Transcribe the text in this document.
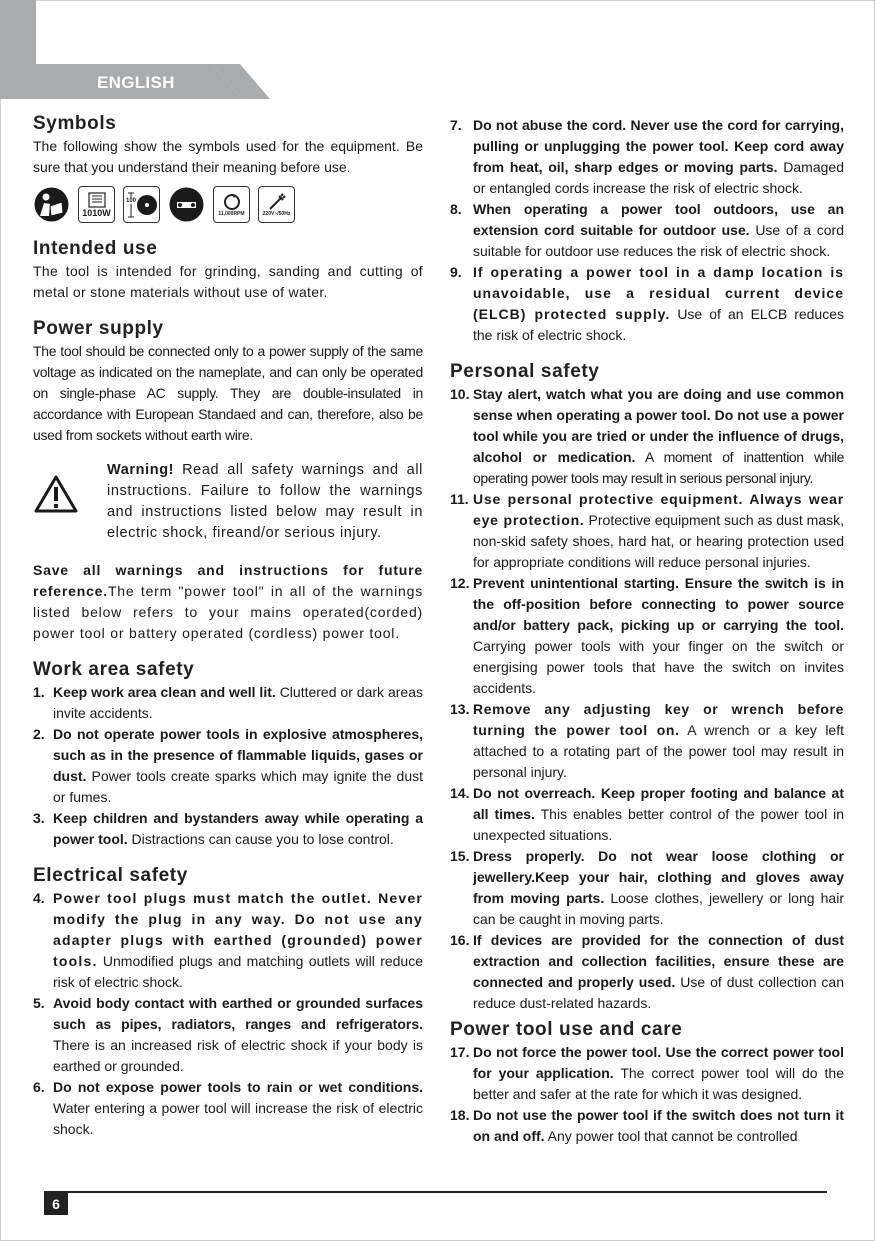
ENGLISH
Symbols

The following show the symbols used for the equipment. Be sure that you understand their meaning before use.

1010W
100
11,000RPM	220V~/50Hz
Intended use

The tool is intended for grinding, sanding and cutting of metal or stone materials without use of water.

Power supply

The tool should be connected only to a power supply of the same voltage as indicated on the nameplate, and can only be operated on single-phase AC supply. They are double-insulated in accordance with European Standaed and can, therefore, also be used from sockets without earth wire.

Warning! Read all safety warnings and all instructions. Failure to follow the warnings and instructions listed below may result in electric shock, fireand/or serious injury.

Save all warnings and instructions for future reference.The term "power tool" in all of the warnings listed below refers to your mains operated(corded) power tool or battery operated (cordless) power tool.

Work area safety
1. Keep work area clean and well lit. Cluttered or dark areas invite accidents.
2. Do not operate power tools in explosive atmospheres, such as in the presence of flammable liquids, gases or dust. Power tools create sparks which may ignite the dust or fumes.
3. Keep children and bystanders away while operating a power tool. Distractions can cause you to lose control.
Electrical safety
4. Power tool plugs must match the outlet. Never modify the plug in any way. Do not use any adapter plugs with earthed (grounded) power tools. Unmodified plugs and matching outlets will reduce risk of electric shock.
5. Avoid body contact with earthed or grounded surfaces such as pipes, radiators, ranges and refrigerators. There is an increased risk of electric shock if your body is earthed or grounded.
6. Do not expose power tools to rain or wet conditions. Water entering a power tool will increase the risk of electric shock.
7. Do not abuse the cord. Never use the cord for carrying, pulling or unplugging the power tool. Keep cord away from heat, oil, sharp edges or moving parts. Damaged or entangled cords increase the risk of electric shock.
8. When operating a power tool outdoors, use an extension cord suitable for outdoor use. Use of a cord suitable for outdoor use reduces the risk of electric shock.
9. If operating a power tool in a damp location is unavoidable, use a residual current device (ELCB) protected supply. Use of an ELCB reduces the risk of electric shock.
Personal safety
10. Stay alert, watch what you are doing and use common sense when operating a power tool. Do not use a power tool while you are tried or under the influence of drugs, alcohol or medication. A moment of inattention while operating power tools may result in serious personal injury.
11. Use personal protective equipment. Always wear eye protection. Protective equipment such as dust mask, non-skid safety shoes, hard hat, or hearing protection used for appropriate conditions will reduce personal injuries.
12. Prevent unintentional starting. Ensure the switch is in the off-position before connecting to power source and/or battery pack, picking up or carrying the tool. Carrying power tools with your finger on the switch or energising power tools that have the switch on invites accidents.
13. Remove any adjusting key or wrench before turning the power tool on. A wrench or a key left attached to a rotating part of the power tool may result in personal injury.
14. Do not overreach. Keep proper footing and balance at all times. This enables better control of the power tool in unexpected situations.
15. Dress properly. Do not wear loose clothing or jewellery.Keep your hair, clothing and gloves away from moving parts. Loose clothes, jewellery or long hair can be caught in moving parts.
16. If devices are provided for the connection of dust extraction and collection facilities, ensure these are connected and properly used. Use of dust collection can reduce dust-related hazards.
Power tool use and care
17. Do not force the power tool. Use the correct power tool for your application. The correct power tool will do the better and safer at the rate for which it was designed.
18. Do not use the power tool if the switch does not turn it on and off. Any power tool that cannot be controlled
6
